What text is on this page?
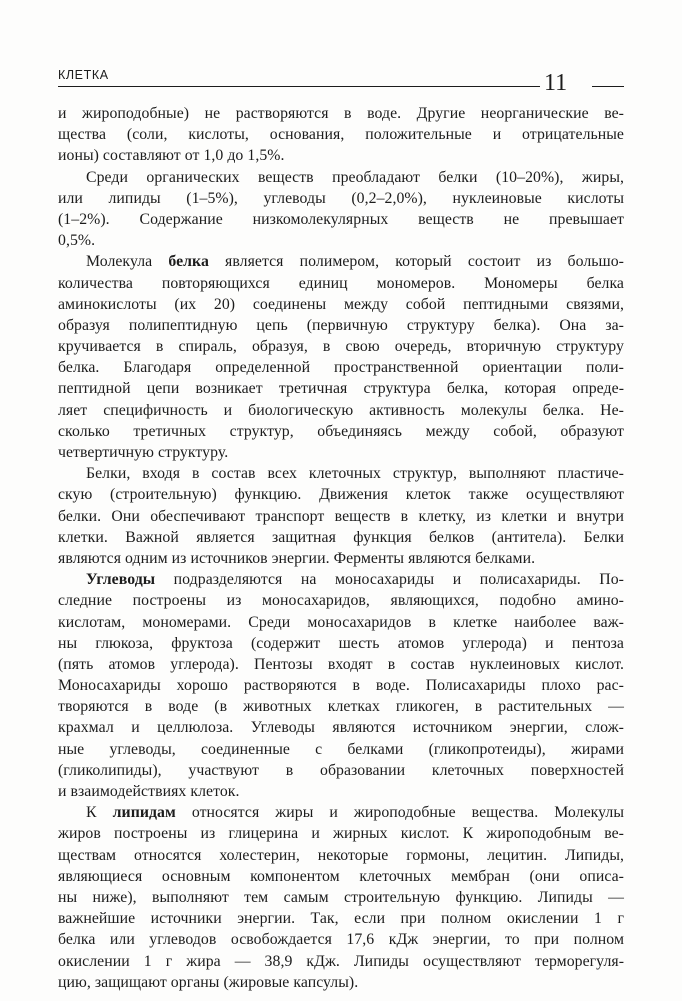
КЛЕТКА	11
и жироподобные) не растворяются в воде. Другие неорганические ве-
щества (соли, кислоты, основания, положительные и отрицательные
ионы) составляют от 1,0 до 1,5%.
Среди органических веществ преобладают белки (10–20%), жиры,
или липиды (1–5%), углеводы (0,2–2,0%), нуклеиновые кислоты
(1–2%). Содержание низкомолекулярных веществ не превышает
0,5%.
Молекула белка является полимером, который состоит из большо-
количества повторяющихся единиц мономеров. Мономеры белка
аминокислоты (их 20) соединены между собой пептидными связями,
образуя полипептидную цепь (первичную структуру белка). Она за-
кручивается в спираль, образуя, в свою очередь, вторичную структуру
белка. Благодаря определенной пространственной ориентации поли-
пептидной цепи возникает третичная структура белка, которая опреде-
ляет специфичность и биологическую активность молекулы белка. Не-
сколько третичных структур, объединяясь между собой, образуют
четвертичную структуру.
Белки, входя в состав всех клеточных структур, выполняют пластиче-
скую (строительную) функцию. Движения клеток также осуществляют
белки. Они обеспечивают транспорт веществ в клетку, из клетки и внутри
клетки. Важной является защитная функция белков (антитела). Белки
являются одним из источников энергии. Ферменты являются белками.
Углеводы подразделяются на моносахариды и полисахариды. По-
следние построены из моносахаридов, являющихся, подобно амино-
кислотам, мономерами. Среди моносахаридов в клетке наиболее важ-
ны глюкоза, фруктоза (содержит шесть атомов углерода) и пентоза
(пять атомов углерода). Пентозы входят в состав нуклеиновых кислот.
Моносахариды хорошо растворяются в воде. Полисахариды плохо рас-
творяются в воде (в животных клетках гликоген, в растительных —
крахмал и целлюлоза. Углеводы являются источником энергии, слож-
ные углеводы, соединенные с белками (гликопротеиды), жирами
(гликолипиды), участвуют в образовании клеточных поверхностей
и взаимодействиях клеток.
К липидам относятся жиры и жироподобные вещества. Молекулы
жиров построены из глицерина и жирных кислот. К жироподобным ве-
ществам относятся холестерин, некоторые гормоны, лецитин. Липиды,
являющиеся основным компонентом клеточных мембран (они описа-
ны ниже), выполняют тем самым строительную функцию. Липиды —
важнейшие источники энергии. Так, если при полном окислении 1 г
белка или углеводов освобождается 17,6 кДж энергии, то при полном
окислении 1 г жира — 38,9 кДж. Липиды осуществляют терморегуля-
цию, защищают органы (жировые капсулы).
